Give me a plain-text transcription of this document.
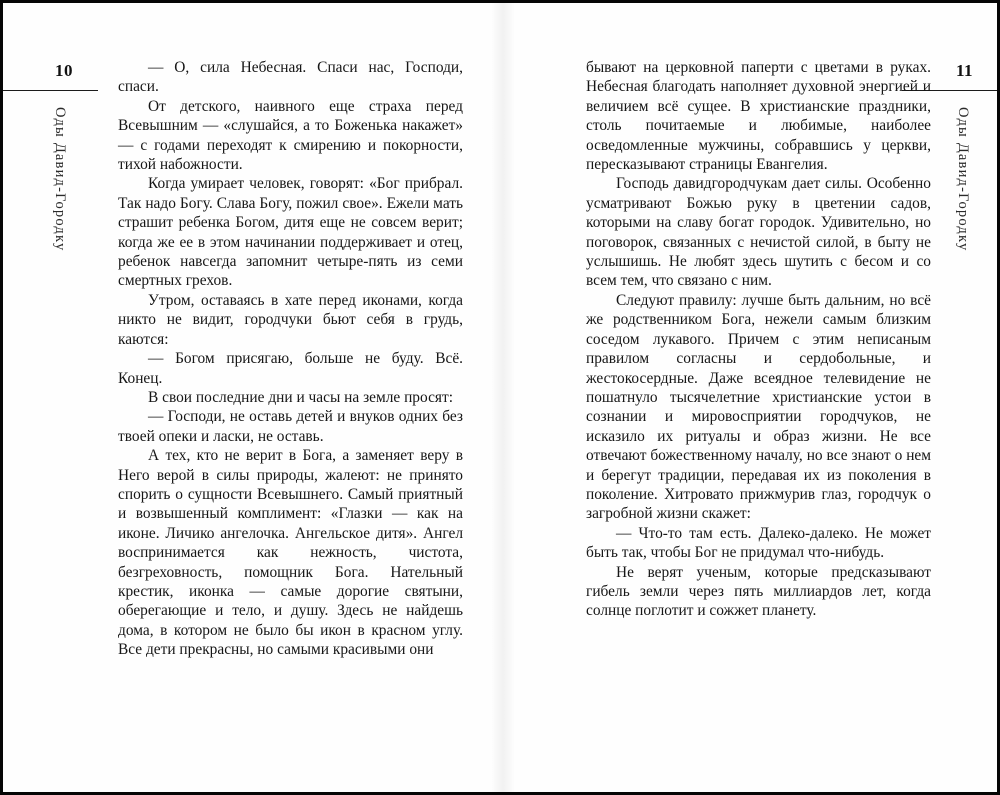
10
Оды Давид-Городку
11
Оды Давид-Городку

— О, сила Небесная. Спаси нас, Господи, спаси.

От детского, наивного еще страха перед Всевышним — «слушайся, а то Боженька накажет» — с годами переходят к смирению и покорности, тихой набожности.

Когда умирает человек, говорят: «Бог прибрал. Так надо Богу. Слава Богу, пожил свое». Ежели мать страшит ребенка Богом, дитя еще не совсем верит; когда же ее в этом начинании поддерживает и отец, ребенок навсегда запомнит четыре-пять из семи смертных грехов.

Утром, оставаясь в хате перед иконами, когда никто не видит, городчуки бьют себя в грудь, каются:

— Богом присягаю, больше не буду. Всё. Конец.

В свои последние дни и часы на земле просят:

— Господи, не оставь детей и внуков одних без твоей опеки и ласки, не оставь.

А тех, кто не верит в Бога, а заменяет веру в Него верой в силы природы, жалеют: не принято спорить о сущности Всевышнего. Самый приятный и возвышенный комплимент: «Глазки — как на иконе. Личико ангелочка. Ангельское дитя». Ангел воспринимается как нежность, чистота, безгреховность, помощник Бога. Нательный крестик, иконка — самые дорогие святыни, оберегающие и тело, и душу. Здесь не найдешь дома, в котором не было бы икон в красном углу. Все дети прекрасны, но самыми красивыми они

бывают на церковной паперти с цветами в руках. Небесная благодать наполняет духовной энергией и величием всё сущее. В христианские праздники, столь почитаемые и любимые, наиболее осведомленные мужчины, собравшись у церкви, пересказывают страницы Евангелия.

Господь давидгородчукам дает силы. Особенно усматривают Божью руку в цветении садов, которыми на славу богат городок. Удивительно, но поговорок, связанных с нечистой силой, в быту не услышишь. Не любят здесь шутить с бесом и со всем тем, что связано с ним.

Следуют правилу: лучше быть дальним, но всё же родственником Бога, нежели самым близким соседом лукавого. Причем с этим неписаным правилом согласны и сердобольные, и жестокосердные. Даже всеядное телевидение не пошатнуло тысячелетние христианские устои в сознании и мировосприятии городчуков, не исказило их ритуалы и образ жизни. Не все отвечают божественному началу, но все знают о нем и берегут традиции, передавая их из поколения в поколение. Хитровато прижмурив глаз, городчук о загробной жизни скажет:

— Что-то там есть. Далеко-далеко. Не может быть так, чтобы Бог не придумал что-нибудь.

Не верят ученым, которые предсказывают гибель земли через пять миллиардов лет, когда солнце поглотит и сожжет планету.
